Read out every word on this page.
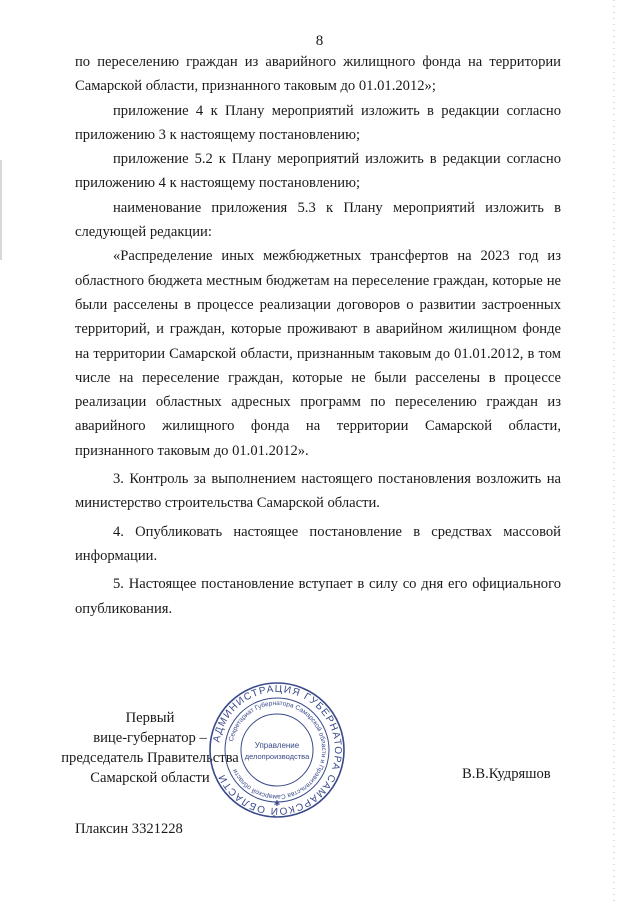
8

по переселению граждан из аварийного жилищного фонда на территории Самарской области, признанного таковым до 01.01.2012»;

приложение 4 к Плану мероприятий изложить в редакции согласно приложению 3 к настоящему постановлению;

приложение 5.2 к Плану мероприятий изложить в редакции согласно приложению 4 к настоящему постановлению;

наименование приложения 5.3 к Плану мероприятий изложить в следующей редакции:

«Распределение иных межбюджетных трансфертов на 2023 год из областного бюджета местным бюджетам на переселение граждан, которые не были расселены в процессе реализации договоров о развитии застроенных территорий, и граждан, которые проживают в аварийном жилищном фонде на территории Самарской области, признанным таковым до 01.01.2012, в том числе на переселение граждан, которые не были расселены в процессе реализации областных адресных программ по переселению граждан из аварийного жилищного фонда на территории Самарской области, признанного таковым до 01.01.2012».

3. Контроль за выполнением настоящего постановления возложить на министерство строительства Самарской области.

4. Опубликовать настоящее постановление в средствах массовой информации.

5. Настоящее постановление вступает в силу со дня его официального опубликования.

Первый
вице-губернатор –
председатель Правительства
Самарской области
АДМИНИСТРАЦИЯ ГУБЕРНАТОРА САМАРСКОЙ ОБЛАСТИ
Секретариат Губернатора Самарской области и Правительства Самарской области
Управление
делопроизводства
✱
В.В.Кудряшов
Плаксин 3321228
